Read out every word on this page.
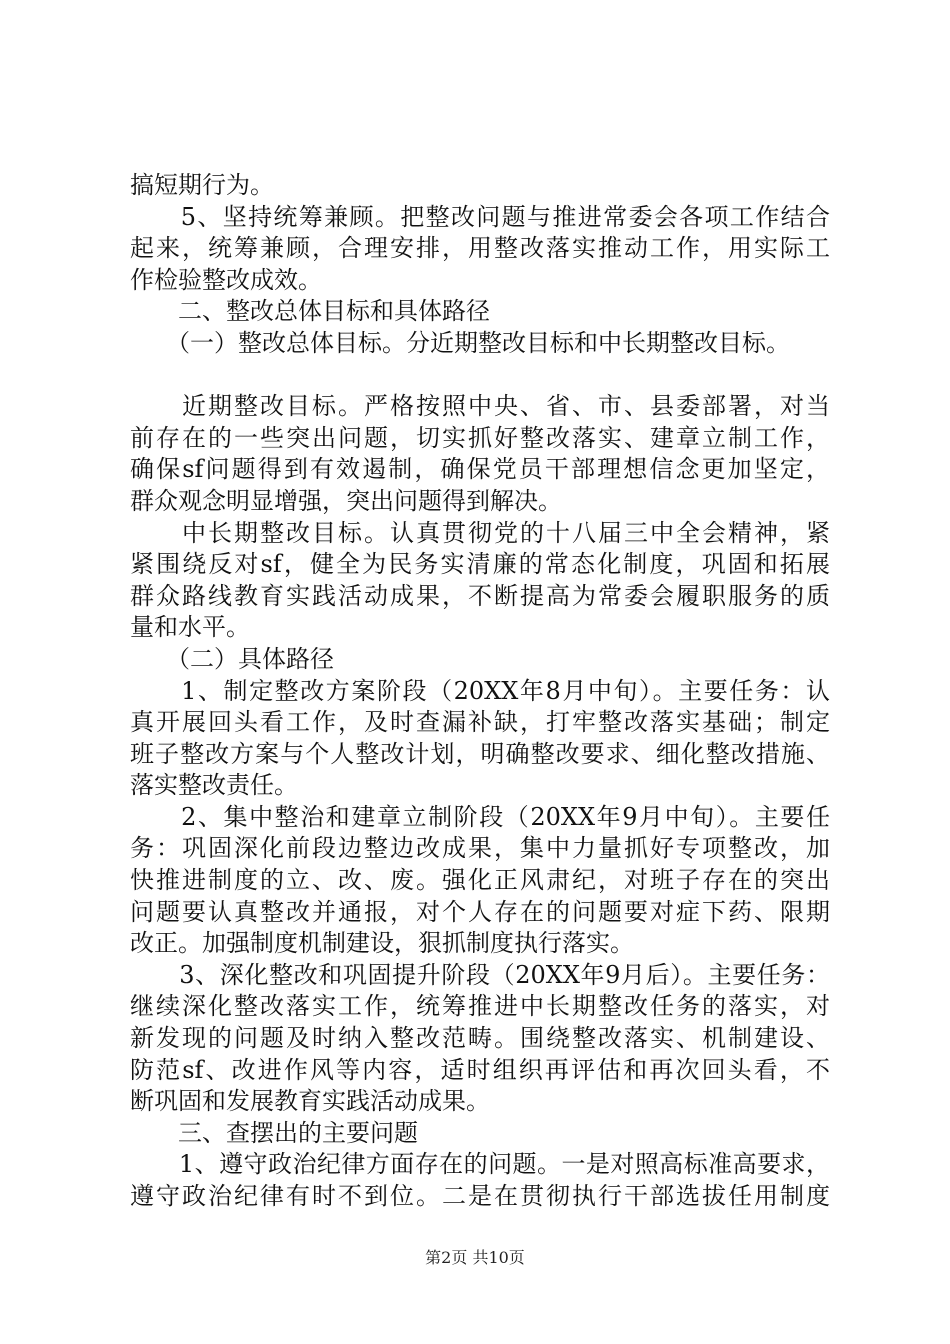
搞短期行为。
　　5、坚持统筹兼顾。把整改问题与推进常委会各项工作结合
起来，统筹兼顾，合理安排，用整改落实推动工作，用实际工
作检验整改成效。
　　二、整改总体目标和具体路径
　　（一）整改总体目标。分近期整改目标和中长期整改目标。
　　近期整改目标。严格按照中央、省、市、县委部署，对当
前存在的一些突出问题，切实抓好整改落实、建章立制工作，
确保sf问题得到有效遏制，确保党员干部理想信念更加坚定，
群众观念明显增强，突出问题得到解决。
　　中长期整改目标。认真贯彻党的十八届三中全会精神，紧
紧围绕反对sf，健全为民务实清廉的常态化制度，巩固和拓展
群众路线教育实践活动成果，不断提高为常委会履职服务的质
量和水平。
　　（二）具体路径
　　1、制定整改方案阶段（20XX年8月中旬）。主要任务：认
真开展回头看工作，及时查漏补缺，打牢整改落实基础；制定
班子整改方案与个人整改计划，明确整改要求、细化整改措施、
落实整改责任。
　　2、集中整治和建章立制阶段（20XX年9月中旬）。主要任
务：巩固深化前段边整边改成果，集中力量抓好专项整改，加
快推进制度的立、改、废。强化正风肃纪，对班子存在的突出
问题要认真整改并通报，对个人存在的问题要对症下药、限期
改正。加强制度机制建设，狠抓制度执行落实。
　　3、深化整改和巩固提升阶段（20XX年9月后）。主要任务：
继续深化整改落实工作，统筹推进中长期整改任务的落实，对
新发现的问题及时纳入整改范畴。围绕整改落实、机制建设、
防范sf、改进作风等内容，适时组织再评估和再次回头看，不
断巩固和发展教育实践活动成果。
　　三、查摆出的主要问题
　　1、遵守政治纪律方面存在的问题。一是对照高标准高要求，
遵守政治纪律有时不到位。二是在贯彻执行干部选拔任用制度
第2页 共10页
